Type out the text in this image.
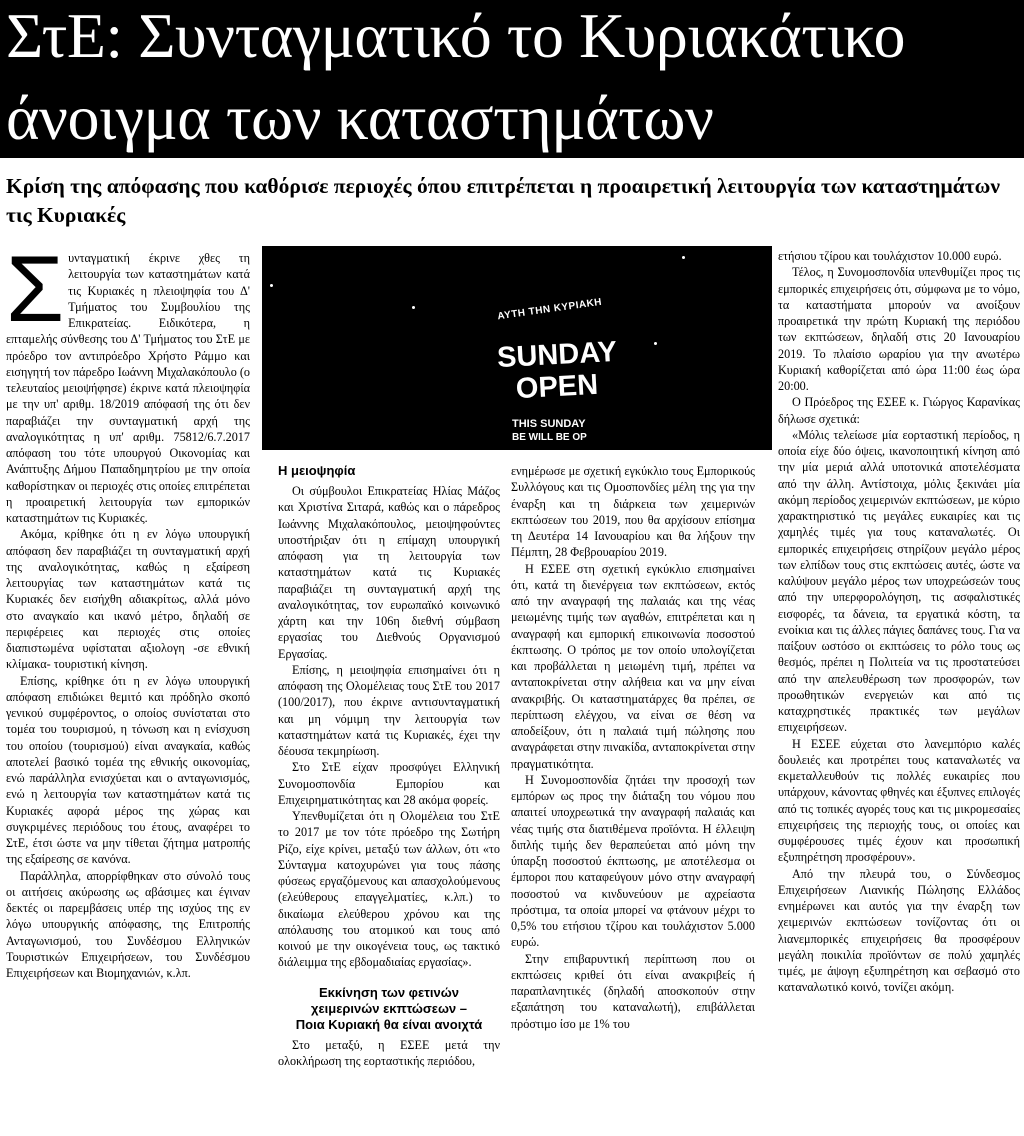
ΣτΕ: Συνταγματικό το Κυριακάτικο
άνοιγμα των καταστημάτων

Κρίση της απόφασης που καθόρισε περιοχές όπου επιτρέπεται η προαιρετική λειτουργία των καταστημάτων τις Κυριακές

ΑΥΤΗ ΤΗΝ ΚΥΡΙΑΚΗ
SUNDAY
OPEN
THIS SUNDAY
BE WILL BE OP
Σ υνταγματική έκρινε χθες τη λειτουργία των καταστημάτων κατά τις Κυριακές η πλειοψηφία του Δ' Τμήματος του Συμβουλίου της Επικρατείας. Ειδικότερα, η επταμελής σύνθεσης του Δ' Τμήματος του ΣτΕ με πρόεδρο τον αντιπρόεδρο Χρήστο Ράμμο και εισηγητή τον πάρεδρο Ιωάννη Μιχαλακόπουλο (ο τελευταίος μειοψήφησε) έκρινε κατά πλειοψηφία με την υπ' αριθμ. 18/2019 απόφασή της ότι δεν παραβιάζει την συνταγματική αρχή της αναλογικότητας η υπ' αριθμ. 75812/6.7.2017 απόφαση του τότε υπουργού Οικονομίας και Ανάπτυξης Δήμου Παπαδημητρίου με την οποία καθορίστηκαν οι περιοχές στις οποίες επιτρέπεται η προαιρετική λειτουργία των εμπορικών καταστημάτων τις Κυριακές.

Ακόμα, κρίθηκε ότι η εν λόγω υπουργική απόφαση δεν παραβιάζει τη συνταγματική αρχή της αναλογικότητας, καθώς η εξαίρεση λειτουργίας των καταστημάτων κατά τις Κυριακές δεν εισήχθη αδιακρίτως, αλλά μόνο στο αναγκαίο και ικανό μέτρο, δηλαδή σε περιφέρειες και περιοχές στις οποίες διαπιστωμένα υφίσταται αξιολογη -σε εθνική κλίμακα- τουριστική κίνηση.

Επίσης, κρίθηκε ότι η εν λόγω υπουργική απόφαση επιδιώκει θεμιτό και πρόδηλο σκοπό γενικού συμφέροντος, ο οποίος συνίσταται στο τομέα του τουρισμού, η τόνωση και η ενίσχυση του οποίου (τουρισμού) είναι αναγκαία, καθώς αποτελεί βασικό τομέα της εθνικής οικονομίας, ενώ παράλληλα ενισχύεται και ο ανταγωνισμός, ενώ η λειτουργία των καταστημάτων κατά τις Κυριακές αφορά μέρος της χώρας και συγκριμένες περιόδους του έτους, αναφέρει το ΣτΕ, έτσι ώστε να μην τίθεται ζήτημα ματροπής της εξαίρεσης σε κανόνα.

Παράλληλα, απορρίφθηκαν στο σύνολό τους οι αιτήσεις ακύρωσης ως αβάσιμες και έγιναν δεκτές οι παρεμβάσεις υπέρ της ισχύος της εν λόγω υπουργικής απόφασης, της Επιτροπής Ανταγωνισμού, του Συνδέσμου Ελληνικών Τουριστικών Επιχειρήσεων, του Συνδέσμου Επιχειρήσεων και Βιομηχανιών, κ.λπ.

Η μειοψηφία

Οι σύμβουλοι Επικρατείας Ηλίας Μάζος και Χριστίνα Σιταρά, καθώς και ο πάρεδρος Ιωάννης Μιχαλακόπουλος, μειοψηφούντες υποστήριξαν ότι η επίμαχη υπουργική απόφαση για τη λειτουργία των καταστημάτων κατά τις Κυριακές παραβιάζει τη συνταγματική αρχή της αναλογικότητας, τον ευρωπαϊκό κοινωνικό χάρτη και την 106η διεθνή σύμβαση εργασίας του Διεθνούς Οργανισμού Εργασίας.

Επίσης, η μειοψηφία επισημαίνει ότι η απόφαση της Ολομέλειας τους ΣτΕ του 2017 (100/2017), που έκρινε αντισυνταγματική και μη νόμιμη την λειτουργία των καταστημάτων κατά τις Κυριακές, έχει την δέουσα τεκμηρίωση.

Στο ΣτΕ είχαν προσφύγει Ελληνική Συνομοσπονδία Εμπορίου και Επιχειρηματικότητας και 28 ακόμα φορείς.

Υπενθυμίζεται ότι η Ολομέλεια του ΣτΕ το 2017 με τον τότε πρόεδρο της Σωτήρη Ρίζο, είχε κρίνει, μεταξύ των άλλων, ότι «το Σύνταγμα κατοχυρώνει για τους πάσης φύσεως εργαζόμενους και απασχολούμενους (ελεύθερους επαγγελματίες, κ.λπ.) το δικαίωμα ελεύθερου χρόνου και της απόλαυσης του ατομικού και τους από κοινού με την οικογένεια τους, ως τακτικό διάλειμμα της εβδομαδιαίας εργασίας».

Εκκίνηση των φετινών
χειμερινών εκπτώσεων –
Ποια Κυριακή θα είναι ανοιχτά

Στο μεταξύ, η ΕΣΕΕ μετά την ολοκλήρωση της εορταστικής περιόδου,

ενημέρωσε με σχετική εγκύκλιο τους Εμπορικούς Συλλόγους και τις Ομοσπονδίες μέλη της για την έναρξη και τη διάρκεια των χειμερινών εκπτώσεων του 2019, που θα αρχίσουν επίσημα τη Δευτέρα 14 Ιανουαρίου και θα λήξουν την Πέμπτη, 28 Φεβρουαρίου 2019.

Η ΕΣΕΕ στη σχετική εγκύκλιο επισημαίνει ότι, κατά τη διενέργεια των εκπτώσεων, εκτός από την αναγραφή της παλαιάς και της νέας μειωμένης τιμής των αγαθών, επιτρέπεται και η αναγραφή και εμπορική επικοινωνία ποσοστού έκπτωσης. Ο τρόπος με τον οποίο υπολογίζεται και προβάλλεται η μειωμένη τιμή, πρέπει να ανταποκρίνεται στην αλήθεια και να μην είναι ανακριβής. Οι καταστηματάρχες θα πρέπει, σε περίπτωση ελέγχου, να είναι σε θέση να αποδείξουν, ότι η παλαιά τιμή πώλησης που αναγράφεται στην πινακίδα, ανταποκρίνεται στην πραγματικότητα.

Η Συνομοσπονδία ζητάει την προσοχή των εμπόρων ως προς την διάταξη του νόμου που απαιτεί υποχρεωτικά την αναγραφή παλαιάς και νέας τιμής στα διατιθέμενα προϊόντα. Η έλλειψη διπλής τιμής δεν θεραπεύεται από μόνη την ύπαρξη ποσοστού έκπτωσης, με αποτέλεσμα οι έμποροι που καταφεύγουν μόνο στην αναγραφή ποσοστού να κινδυνεύουν με αχρείαστα πρόστιμα, τα οποία μπορεί να φτάνουν μέχρι το 0,5% του ετήσιου τζίρου και τουλάχιστον 5.000 ευρώ.

Στην επιβαρυντική περίπτωση που οι εκπτώσεις κριθεί ότι είναι ανακριβείς ή παραπλανητικές (δηλαδή αποσκοπούν στην εξαπάτηση του καταναλωτή), επιβάλλεται πρόστιμο ίσο με 1% του

ετήσιου τζίρου και τουλάχιστον 10.000 ευρώ.

Τέλος, η Συνομοσπονδία υπενθυμίζει προς τις εμπορικές επιχειρήσεις ότι, σύμφωνα με το νόμο, τα καταστήματα μπορούν να ανοίξουν προαιρετικά την πρώτη Κυριακή της περιόδου των εκπτώσεων, δηλαδή στις 20 Ιανουαρίου 2019. Το πλαίσιο ωραρίου για την ανωτέρω Κυριακή καθορίζεται από ώρα 11:00 έως ώρα 20:00.

Ο Πρόεδρος της ΕΣΕΕ κ. Γιώργος Καρανίκας δήλωσε σχετικά:

«Μόλις τελείωσε μία εορταστική περίοδος, η οποία είχε δύο όψεις, ικανοποιητική κίνηση από την μία μεριά αλλά υποτονικά αποτελέσματα από την άλλη. Αντίστοιχα, μόλις ξεκινάει μία ακόμη περίοδος χειμερινών εκπτώσεων, με κύριο χαρακτηριστικό τις μεγάλες ευκαιρίες και τις χαμηλές τιμές για τους καταναλωτές. Οι εμπορικές επιχειρήσεις στηρίζουν μεγάλο μέρος των ελπίδων τους στις εκπτώσεις αυτές, ώστε να καλύψουν μεγάλο μέρος των υποχρεώσεών τους από την υπερφορολόγηση, τις ασφαλιστικές εισφορές, τα δάνεια, τα εργατικά κόστη, τα ενοίκια και τις άλλες πάγιες δαπάνες τους. Για να παίξουν ωστόσο οι εκπτώσεις το ρόλο τους ως θεσμός, πρέπει η Πολιτεία να τις προστατεύσει από την απελευθέρωση των προσφορών, των προωθητικών ενεργειών και από τις καταχρηστικές πρακτικές των μεγάλων επιχειρήσεων.

Η ΕΣΕΕ εύχεται στο λανεμπόριο καλές δουλειές και προτρέπει τους καταναλωτές να εκμεταλλευθούν τις πολλές ευκαιρίες που υπάρχουν, κάνοντας φθηνές και έξυπνες επιλογές από τις τοπικές αγορές τους και τις μικρομεσαίες επιχειρήσεις της περιοχής τους, οι οποίες και συμφέρουσες τιμές έχουν και προσωπική εξυπηρέτηση προσφέρουν».

Από την πλευρά του, ο Σύνδεσμος Επιχειρήσεων Λιανικής Πώλησης Ελλάδος ενημέρωνει και αυτός για την έναρξη των χειμερινών εκπτώσεων τονίζοντας ότι οι λιανεμπορικές επιχειρήσεις θα προσφέρουν μεγάλη ποικιλία προϊόντων σε πολύ χαμηλές τιμές, με άψογη εξυπηρέτηση και σεβασμό στο καταναλωτικό κοινό, τονίζει ακόμη.
